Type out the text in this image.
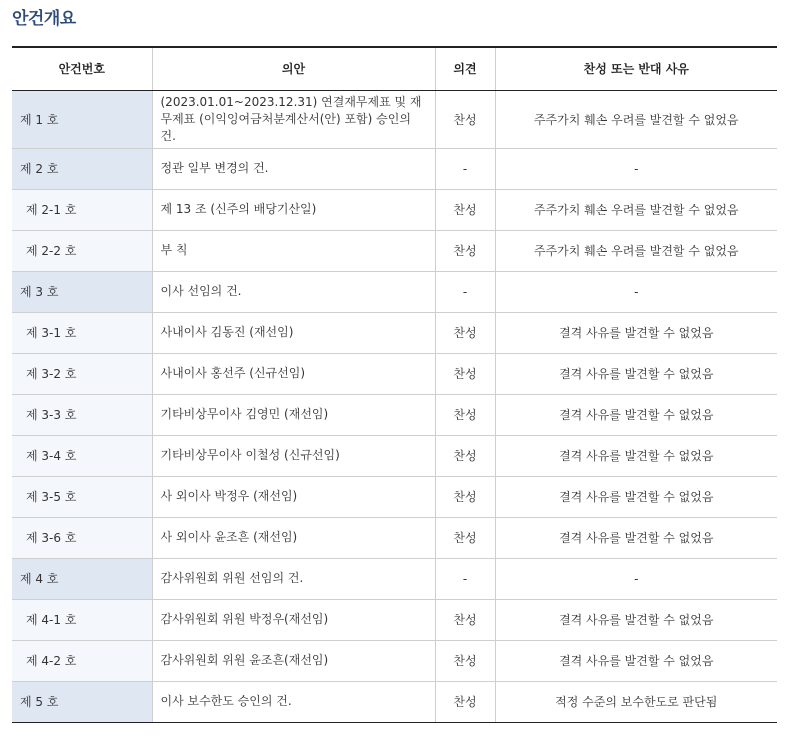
안건개요
안건번호	의안	의견	찬성 또는 반대 사유
제 1 호	(2023.01.01~2023.12.31) 연결재무제표 및 재무제표 (이익잉여금처분계산서(안) 포함) 승인의 건.	찬성	주주가치 훼손 우려를 발견할 수 없었음
제 2 호	정관 일부 변경의 건.	-	-
제 2-1 호	제 13 조 (신주의 배당기산일)	찬성	주주가치 훼손 우려를 발견할 수 없었음
제 2-2 호	부 칙	찬성	주주가치 훼손 우려를 발견할 수 없었음
제 3 호	이사 선임의 건.	-	-
제 3-1 호	사내이사 김동진 (재선임)	찬성	결격 사유를 발견할 수 없었음
제 3-2 호	사내이사 홍선주 (신규선임)	찬성	결격 사유를 발견할 수 없었음
제 3-3 호	기타비상무이사 김영민 (재선임)	찬성	결격 사유를 발견할 수 없었음
제 3-4 호	기타비상무이사 이철성 (신규선임)	찬성	결격 사유를 발견할 수 없었음
제 3-5 호	사 외이사 박정우 (재선임)	찬성	결격 사유를 발견할 수 없었음
제 3-6 호	사 외이사 윤조흔 (재선임)	찬성	결격 사유를 발견할 수 없었음
제 4 호	감사위원회 위원 선임의 건.	-	-
제 4-1 호	감사위원회 위원 박정우(재선임)	찬성	결격 사유를 발견할 수 없었음
제 4-2 호	감사위원회 위원 윤조흔(재선임)	찬성	결격 사유를 발견할 수 없었음
제 5 호	이사 보수한도 승인의 건.	찬성	적정 수준의 보수한도로 판단됨
